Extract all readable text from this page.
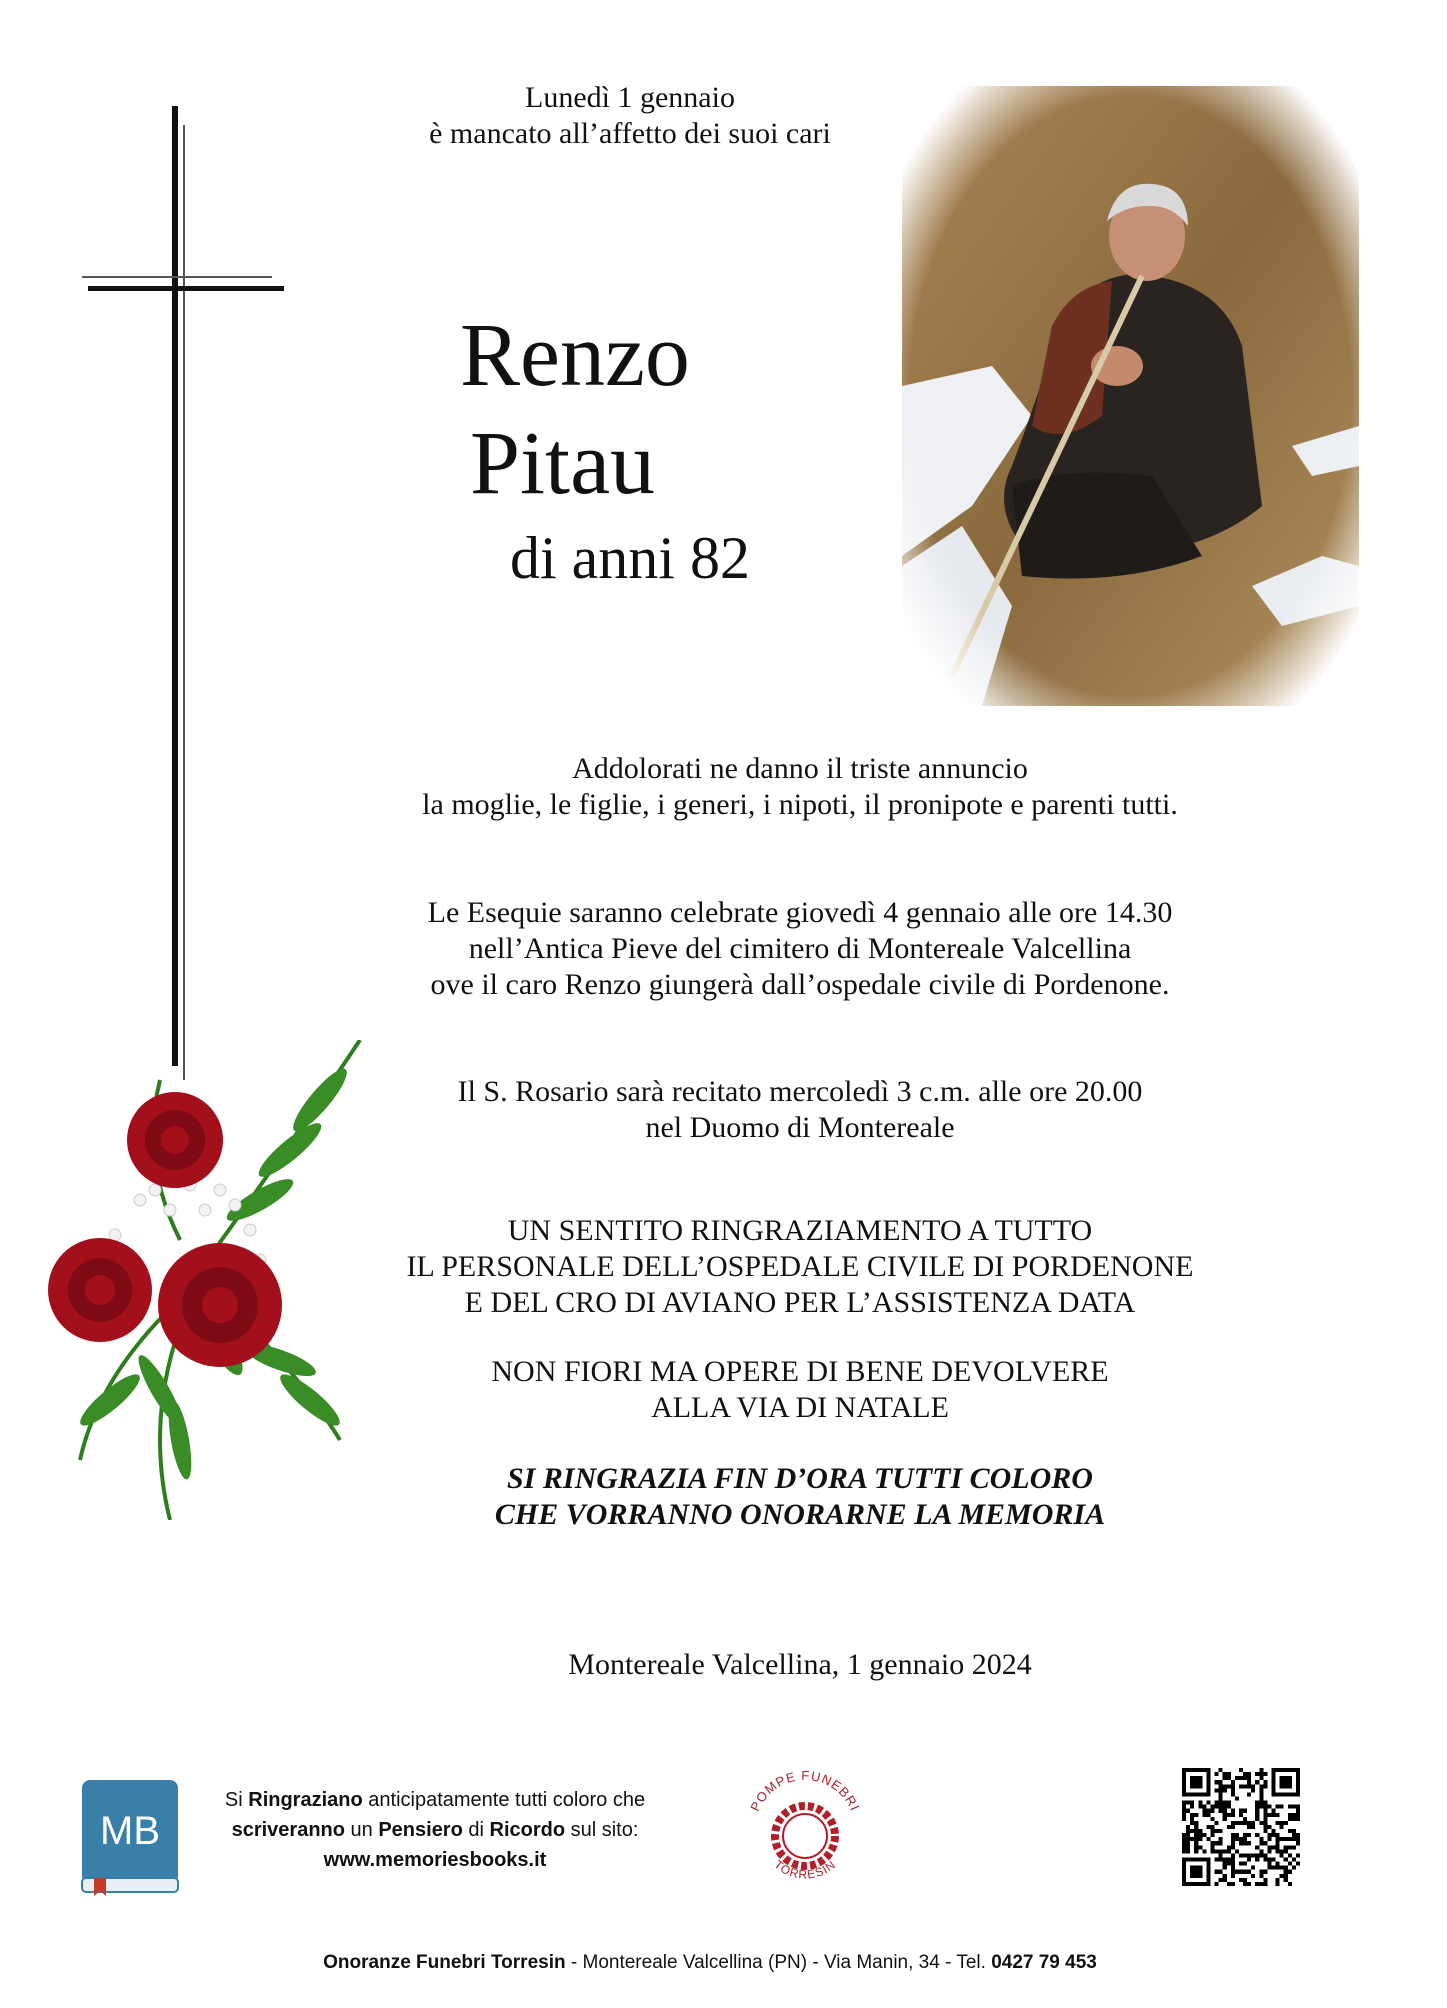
Lunedì 1 gennaio
è mancato all’affetto dei suoi cari
Renzo
Pitau
di anni 82
Addolorati ne danno il triste annuncio
la moglie, le figlie, i generi, i nipoti, il pronipote e parenti tutti.
Le Esequie saranno celebrate giovedì 4 gennaio alle ore 14.30
nell’Antica Pieve del cimitero di Montereale Valcellina
ove il caro Renzo giungerà dall’ospedale civile di Pordenone.
Il S. Rosario sarà recitato mercoledì 3 c.m. alle ore 20.00
nel Duomo di Montereale
UN SENTITO RINGRAZIAMENTO A TUTTO
IL PERSONALE DELL’OSPEDALE CIVILE DI PORDENONE
E DEL CRO DI AVIANO PER L’ASSISTENZA DATA
NON FIORI MA OPERE DI BENE DEVOLVERE
ALLA VIA DI NATALE
SI RINGRAZIA FIN D’ORA TUTTI COLORO
CHE VORRANNO ONORARNE LA MEMORIA
Montereale Valcellina, 1 gennaio 2024
MB
Si Ringraziano anticipatamente tutti coloro che
scriveranno un Pensiero di Ricordo sul sito:
www.memoriesbooks.it
POMPE FUNEBRI
TORRESIN
Onoranze Funebri Torresin - Montereale Valcellina (PN) - Via Manin, 34 - Tel. 0427 79 453
